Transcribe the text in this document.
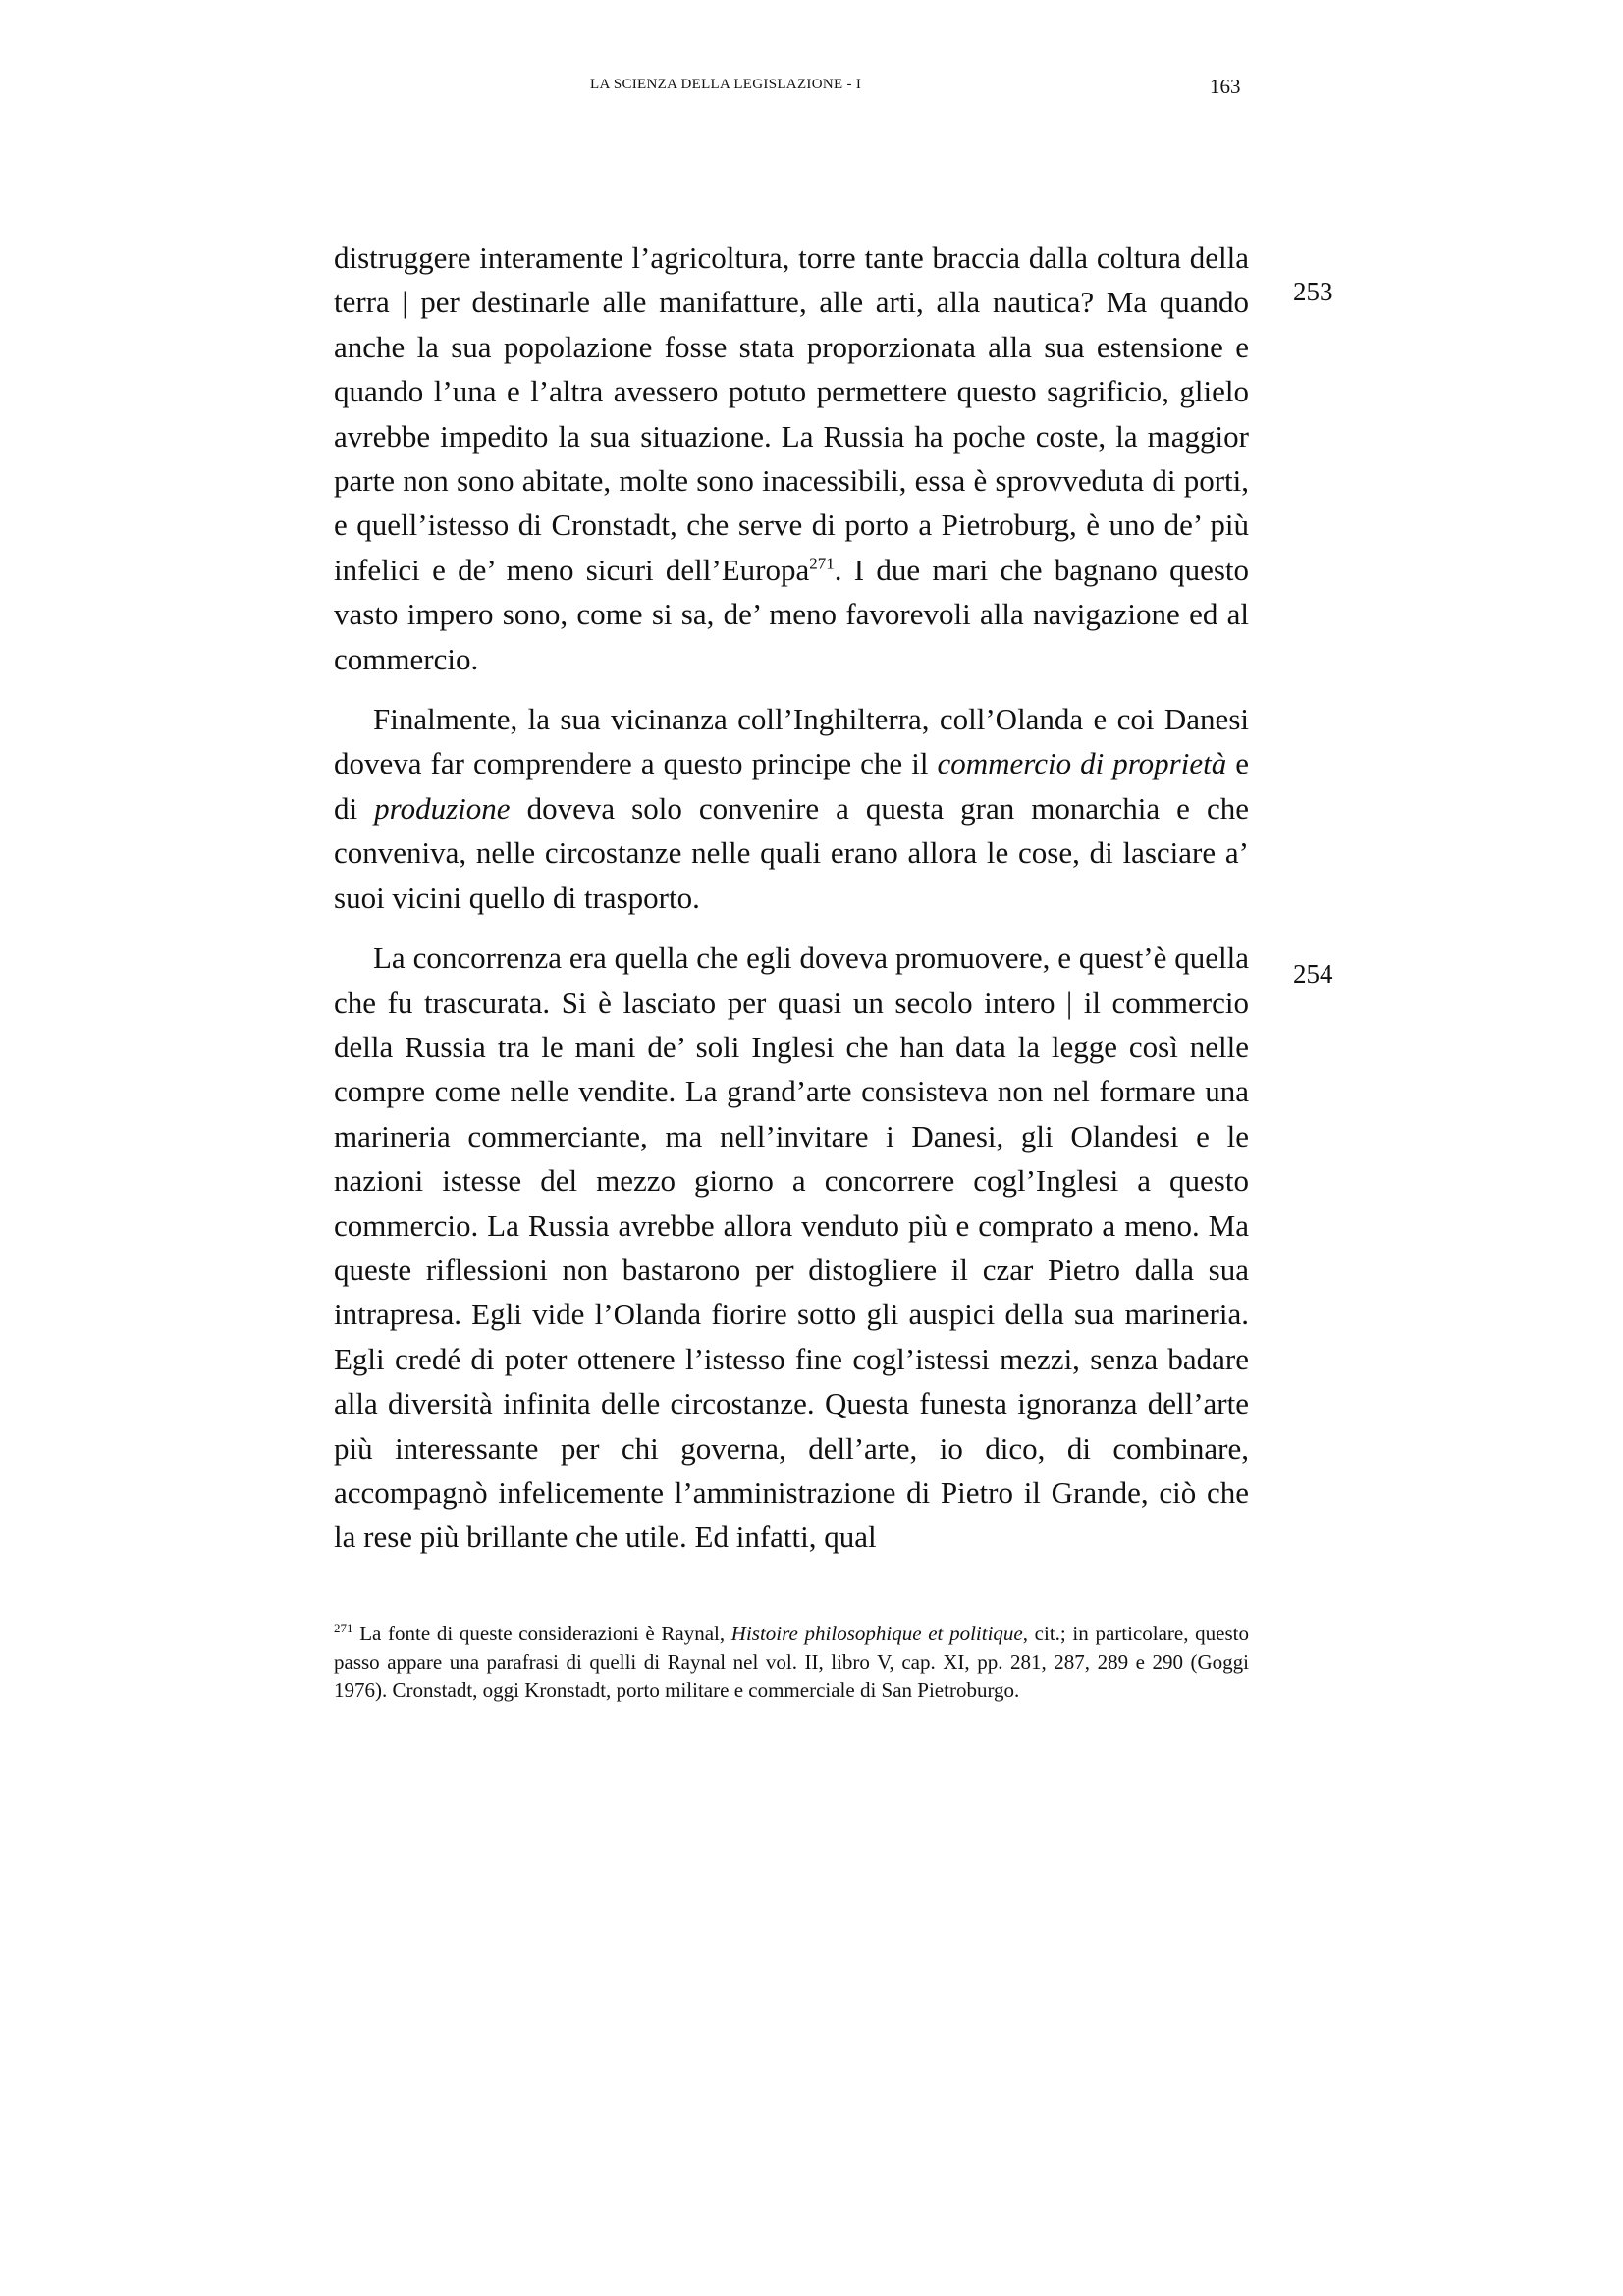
LA SCIENZA DELLA LEGISLAZIONE - I	163
253
254

distruggere interamente l’agricoltura, torre tante braccia dalla coltura della terra | per destinarle alle manifatture, alle arti, alla nautica? Ma quando anche la sua popolazione fosse stata proporzionata alla sua estensione e quando l’una e l’altra avessero potuto permettere questo sagrificio, glielo avrebbe impedito la sua situazione. La Russia ha poche coste, la maggior parte non sono abitate, molte sono inacessibili, essa è sprovveduta di porti, e quell’istesso di Cronstadt, che serve di porto a Pietroburg, è uno de’ più infelici e de’ meno sicuri dell’Europa$^{271}$. I due mari che bagnano questo vasto impero sono, come si sa, de’ meno favorevoli alla navigazione ed al commercio.

Finalmente, la sua vicinanza coll’Inghilterra, coll’Olanda e coi Danesi doveva far comprendere a questo principe che il commercio di proprietà e di produzione doveva solo convenire a questa gran monarchia e che conveniva, nelle circostanze nelle quali erano allora le cose, di lasciare a’ suoi vicini quello di trasporto.

La concorrenza era quella che egli doveva promuovere, e quest’è quella che fu trascurata. Si è lasciato per quasi un secolo intero | il commercio della Russia tra le mani de’ soli Inglesi che han data la legge così nelle compre come nelle vendite. La grand’arte consisteva non nel formare una marineria commerciante, ma nell’invitare i Danesi, gli Olandesi e le nazioni istesse del mezzo giorno a concorrere cogl’Inglesi a questo commercio. La Russia avrebbe allora venduto più e comprato a meno. Ma queste riflessioni non bastarono per distogliere il czar Pietro dalla sua intrapresa. Egli vide l’Olanda fiorire sotto gli auspici della sua marineria. Egli credé di poter ottenere l’istesso fine cogl’istessi mezzi, senza badare alla diversità infinita delle circostanze. Questa funesta ignoranza dell’arte più interessante per chi governa, dell’arte, io dico, di combinare, accompagnò infelicemente l’amministrazione di Pietro il Grande, ciò che la rese più brillante che utile. Ed infatti, qual

$^{271}$ La fonte di queste considerazioni è Raynal, Histoire philosophique et politique, cit.; in particolare, questo passo appare una parafrasi di quelli di Raynal nel vol. II, libro V, cap. XI, pp. 281, 287, 289 e 290 (Goggi 1976). Cronstadt, oggi Kronstadt, porto militare e commerciale di San Pietroburgo.
